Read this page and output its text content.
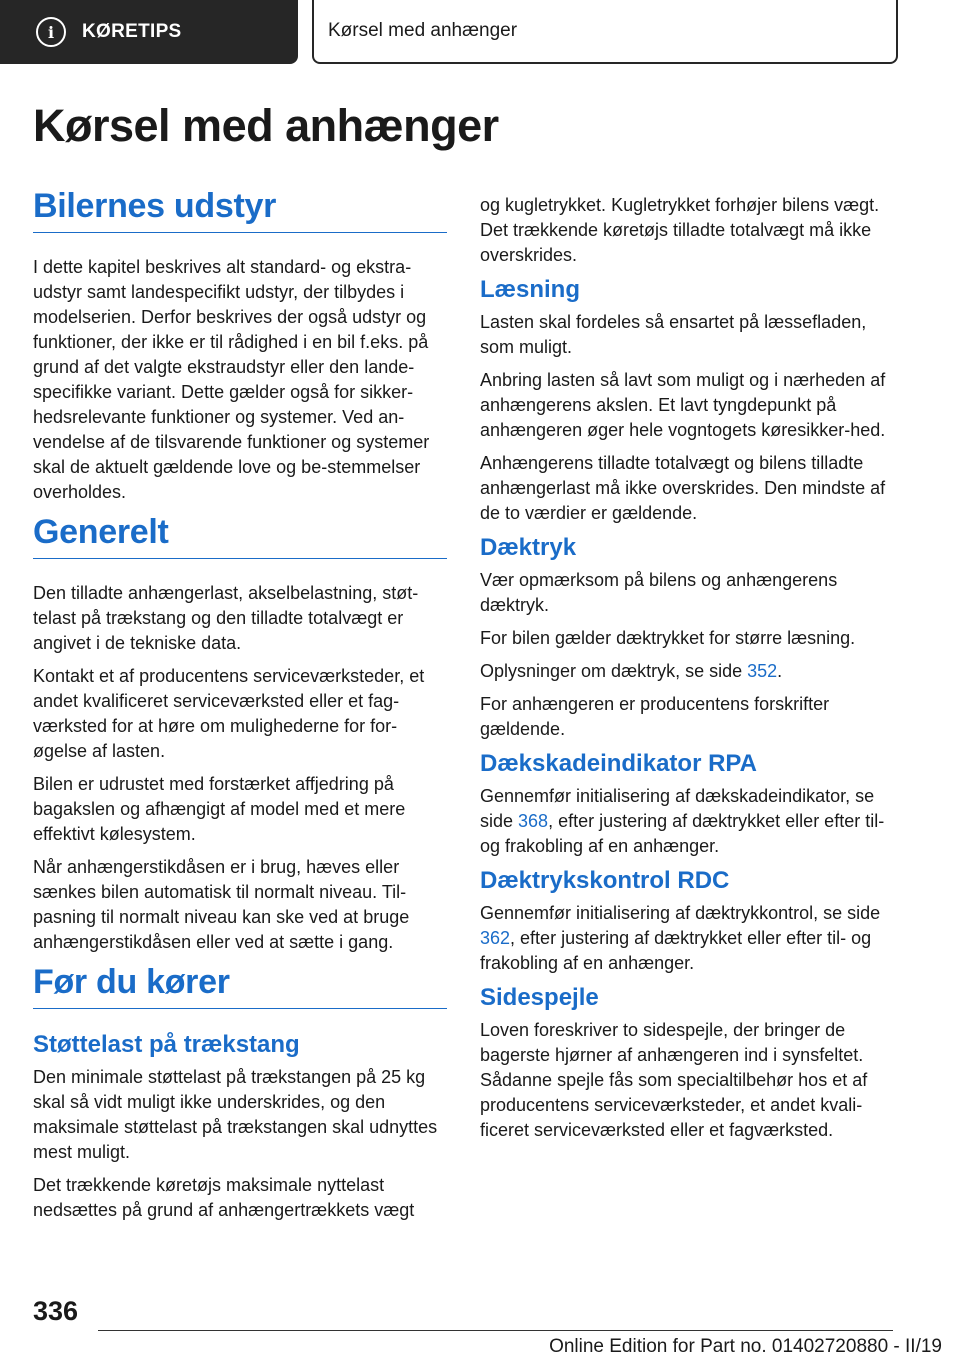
i	KØRETIPS	Kørsel med anhænger
Kørsel med anhænger
Bilernes udstyr

I dette kapitel beskrives alt standard- og ekstra-udstyr samt landespecifikt udstyr, der tilbydes i modelserien. Derfor beskrives der også udstyr og funktioner, der ikke er til rådighed i en bil f.eks. på grund af det valgte ekstraudstyr eller den lande-specifikke variant. Dette gælder også for sikker-hedsrelevante funktioner og systemer. Ved an-vendelse af de tilsvarende funktioner og systemer skal de aktuelt gældende love og be-stemmelser overholdes.

Generelt

Den tilladte anhængerlast, akselbelastning, støt-telast på trækstang og den tilladte totalvægt er angivet i de tekniske data.

Kontakt et af producentens serviceværksteder, et andet kvalificeret serviceværksted eller et fag-værksted for at høre om mulighederne for for-øgelse af lasten.

Bilen er udrustet med forstærket affjedring på bagakslen og afhængigt af model med et mere effektivt kølesystem.

Når anhængerstikdåsen er i brug, hæves eller sænkes bilen automatisk til normalt niveau. Til-pasning til normalt niveau kan ske ved at bruge anhængerstikdåsen eller ved at sætte i gang.

Før du kører
Støttelast på trækstang

Den minimale støttelast på trækstangen på 25 kg skal så vidt muligt ikke underskrides, og den maksimale støttelast på trækstangen skal udnyttes mest muligt.

Det trækkende køretøjs maksimale nyttelast nedsættes på grund af anhængertrækkets vægt

og kugletrykket. Kugletrykket forhøjer bilens vægt. Det trækkende køretøjs tilladte totalvægt må ikke overskrides.

Læsning

Lasten skal fordeles så ensartet på læssefladen, som muligt.

Anbring lasten så lavt som muligt og i nærheden af anhængerens akslen. Et lavt tyngdepunkt på anhængeren øger hele vogntogets køresikker-hed.

Anhængerens tilladte totalvægt og bilens tilladte anhængerlast må ikke overskrides. Den mindste af de to værdier er gældende.

Dæktryk

Vær opmærksom på bilens og anhængerens dæktryk.

For bilen gælder dæktrykket for større læsning.

Oplysninger om dæktryk, se side 352.

For anhængeren er producentens forskrifter gældende.

Dækskadeindikator RPA

Gennemfør initialisering af dækskadeindikator, se side 368, efter justering af dæktrykket eller efter til- og frakobling af en anhænger.

Dæktrykskontrol RDC

Gennemfør initialisering af dæktrykkontrol, se side 362, efter justering af dæktrykket eller efter til- og frakobling af en anhænger.

Sidespejle

Loven foreskriver to sidespejle, der bringer de bagerste hjørner af anhængeren ind i synsfeltet. Sådanne spejle fås som specialtilbehør hos et af producentens serviceværksteder, et andet kvali-ficeret serviceværksted eller et fagværksted.

336
Online Edition for Part no. 01402720880 - II/19
